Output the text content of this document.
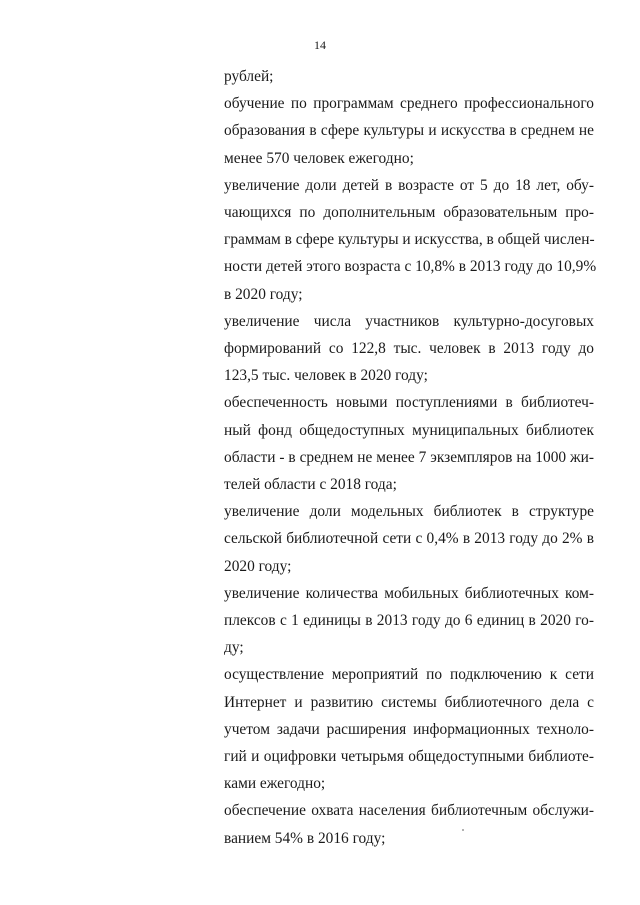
14
рублей;
обучение по программам среднего профессионального
образования в сфере культуры и искусства в среднем не
менее 570 человек ежегодно;
увеличение доли детей в возрасте от 5 до 18 лет, обу-
чающихся по дополнительным образовательным про-
граммам в сфере культуры и искусства, в общей числен-
ности детей этого возраста с 10,8% в 2013 году до 10,9%
в 2020 году;
увеличение числа участников культурно-досуговых
формирований со 122,8 тыс. человек в 2013 году до
123,5 тыс. человек в 2020 году;
обеспеченность новыми поступлениями в библиотеч-
ный фонд общедоступных муниципальных библиотек
области - в среднем не менее 7 экземпляров на 1000 жи-
телей области с 2018 года;
увеличение доли модельных библиотек в структуре
сельской библиотечной сети с 0,4% в 2013 году до 2% в
2020 году;
увеличение количества мобильных библиотечных ком-
плексов с 1 единицы в 2013 году до 6 единиц в 2020 го-
ду;
осуществление мероприятий по подключению к сети
Интернет и развитию системы библиотечного дела с
учетом задачи расширения информационных техноло-
гий и оцифровки четырьмя общедоступными библиоте-
ками ежегодно;
обеспечение охвата населения библиотечным обслужи-
ванием 54% в 2016 году;
